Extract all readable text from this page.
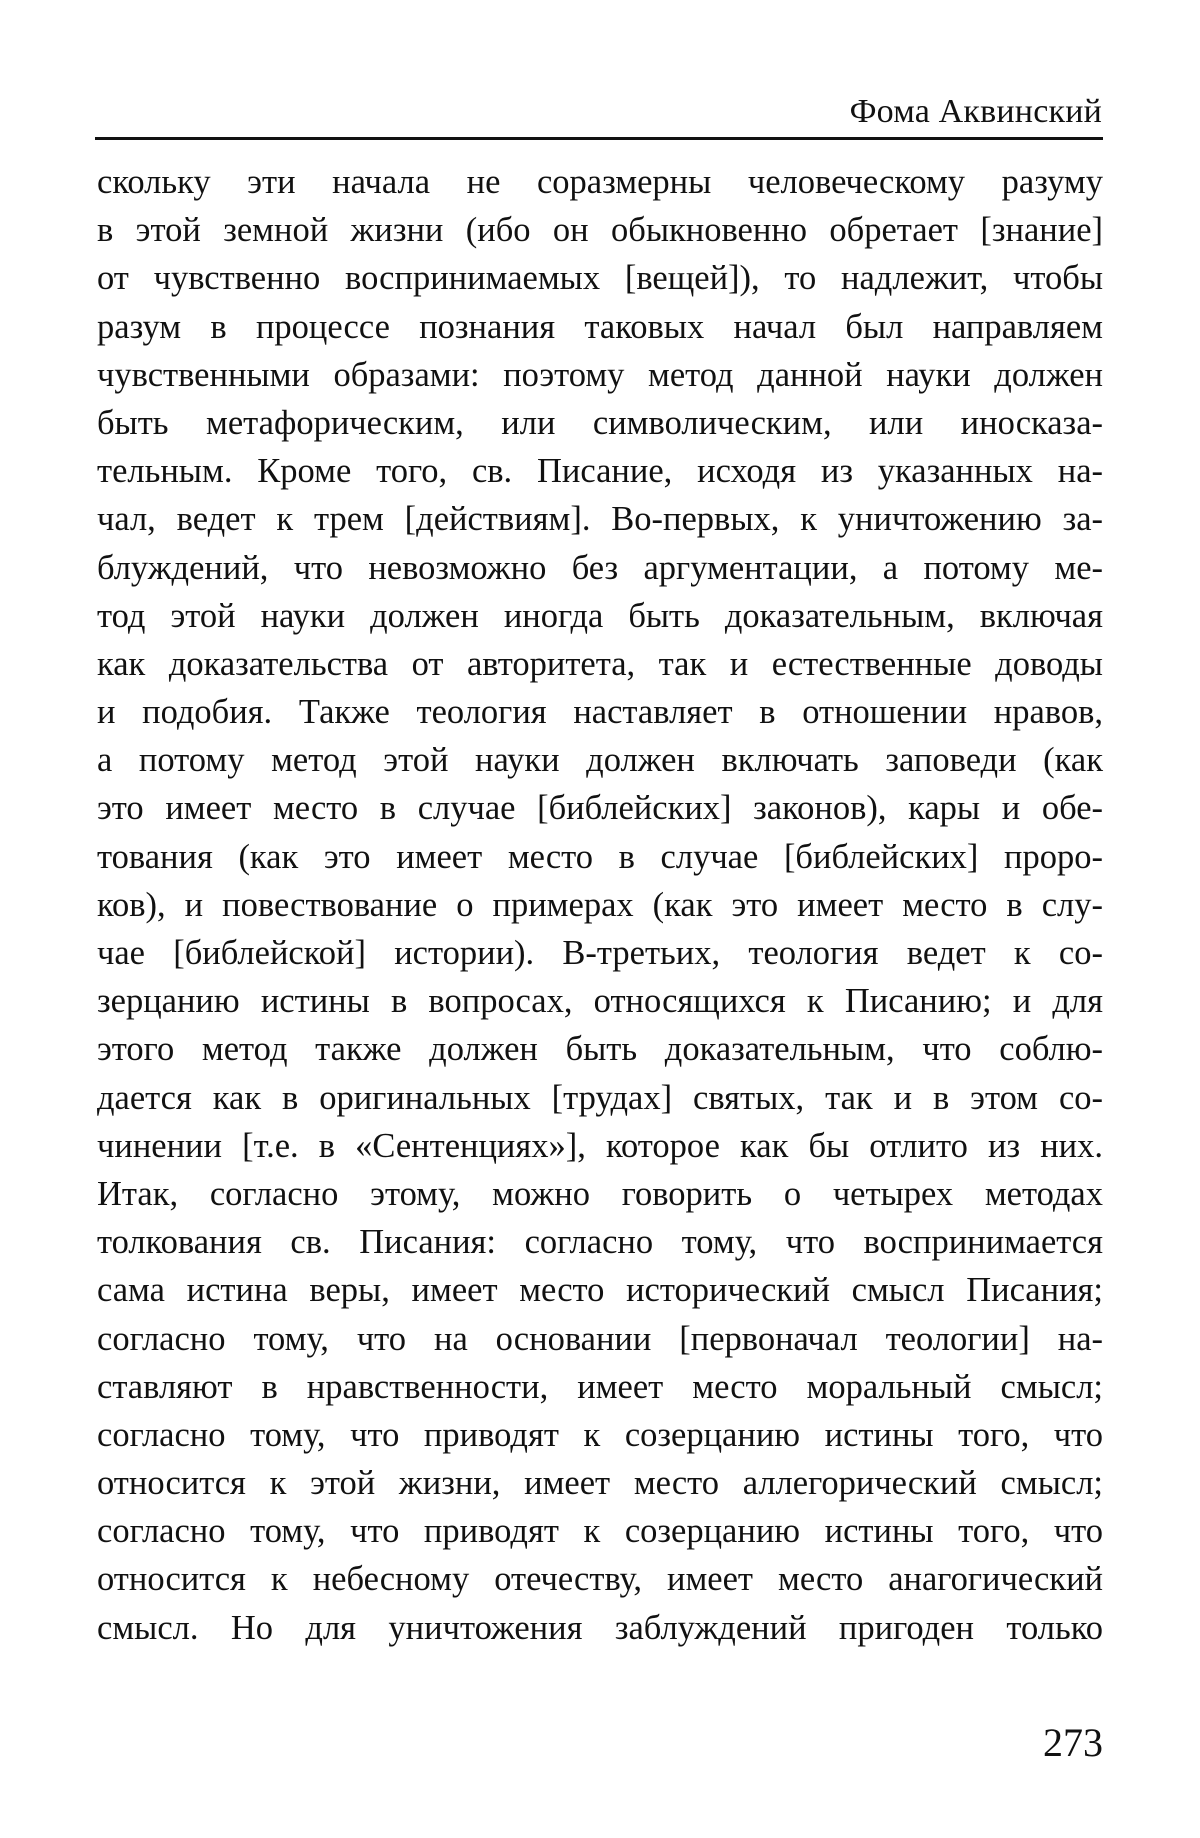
Фома Аквинский
скольку эти начала не соразмерны человеческому разуму
в этой земной жизни (ибо он обыкновенно обретает [знание]
от чувственно воспринимаемых [вещей]), то надлежит, чтобы
разум в процессе познания таковых начал был направляем
чувственными образами: поэтому метод данной науки должен
быть метафорическим, или символическим, или иносказа-
тельным. Кроме того, св. Писание, исходя из указанных на-
чал, ведет к трем [действиям]. Во-первых, к уничтожению за-
блуждений, что невозможно без аргументации, а потому ме-
тод этой науки должен иногда быть доказательным, включая
как доказательства от авторитета, так и естественные доводы
и подобия. Также теология наставляет в отношении нравов,
а потому метод этой науки должен включать заповеди (как
это имеет место в случае [библейских] законов), кары и обе-
тования (как это имеет место в случае [библейских] проро-
ков), и повествование о примерах (как это имеет место в слу-
чае [библейской] истории). В-третьих, теология ведет к со-
зерцанию истины в вопросах, относящихся к Писанию; и для
этого метод также должен быть доказательным, что соблю-
дается как в оригинальных [трудах] святых, так и в этом со-
чинении [т.е. в «Сентенциях»], которое как бы отлито из них.
Итак, согласно этому, можно говорить о четырех методах
толкования св. Писания: согласно тому, что воспринимается
сама истина веры, имеет место исторический смысл Писания;
согласно тому, что на основании [первоначал теологии] на-
ставляют в нравственности, имеет место моральный смысл;
согласно тому, что приводят к созерцанию истины того, что
относится к этой жизни, имеет место аллегорический смысл;
согласно тому, что приводят к созерцанию истины того, что
относится к небесному отечеству, имеет место анагогический
смысл. Но для уничтожения заблуждений пригоден только
273
